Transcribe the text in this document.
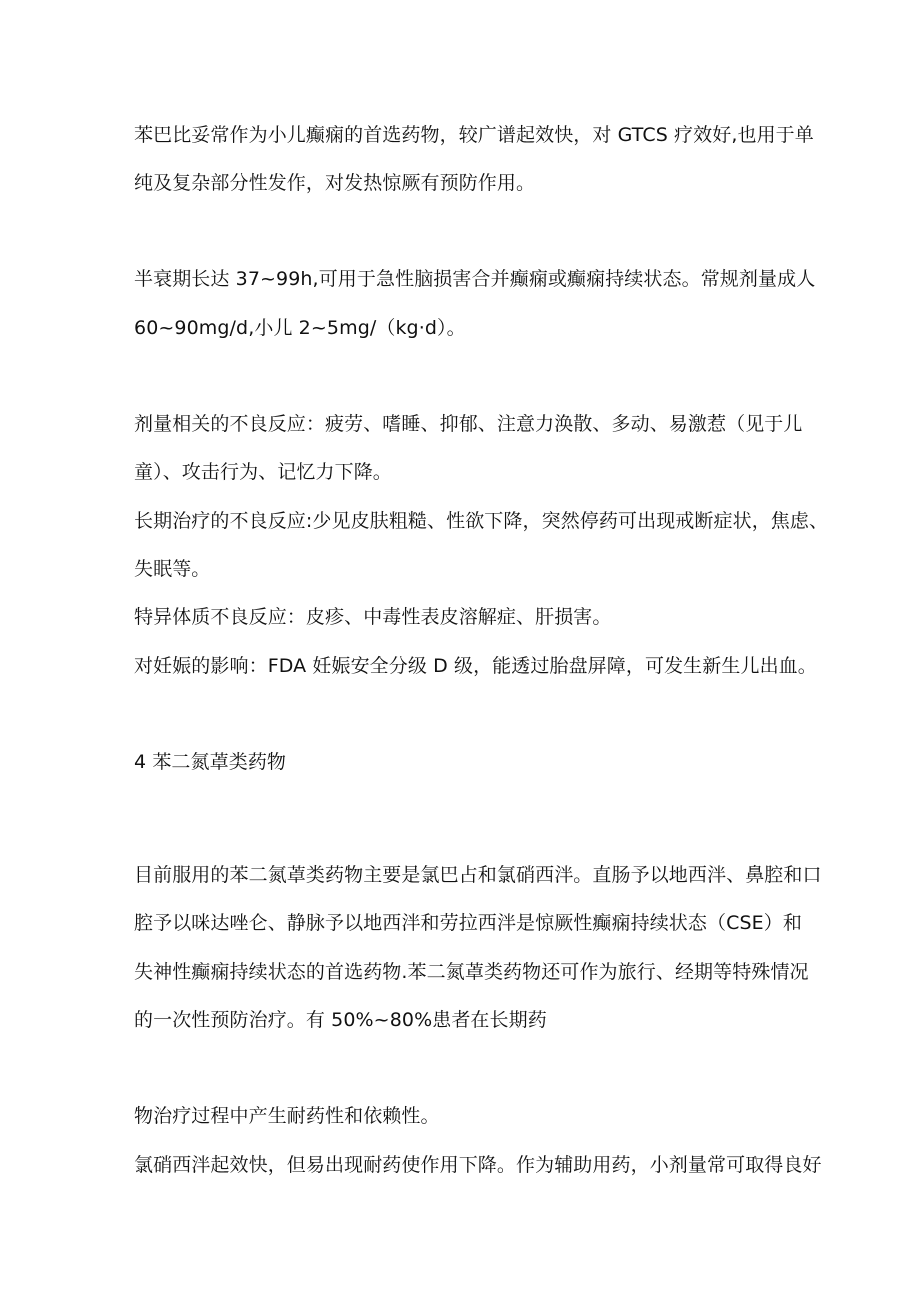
苯巴比妥常作为小儿癫痫的首选药物，较广谱起效快，对 GTCS 疗效好,也用于单
纯及复杂部分性发作，对发热惊厥有预防作用。
半衰期长达 37~99h,可用于急性脑损害合并癫痫或癫痫持续状态。常规剂量成人
60~90mg/d,小儿 2~5mg∕（kg·d）。
剂量相关的不良反应：疲劳、嗜睡、抑郁、注意力涣散、多动、易激惹（见于儿
童）、攻击行为、记忆力下降。
长期治疗的不良反应:少见皮肤粗糙、性欲下降，突然停药可出现戒断症状，焦虑、
失眠等。
特异体质不良反应：皮疹、中毒性表皮溶解症、肝损害。
对妊娠的影响：FDA 妊娠安全分级 D 级，能透过胎盘屏障，可发生新生儿出血。
4 苯二氮䓬类药物
目前服用的苯二氮䓬类药物主要是氯巴占和氯硝西泮。直肠予以地西泮、鼻腔和口
腔予以咪达唑仑、静脉予以地西泮和劳拉西泮是惊厥性癫痫持续状态（CSE）和
失神性癫痫持续状态的首选药物.苯二氮䓬类药物还可作为旅行、经期等特殊情况
的一次性预防治疗。有 50%~80%患者在长期药
物治疗过程中产生耐药性和依赖性。
氯硝西泮起效快，但易出现耐药使作用下降。作为辅助用药，小剂量常可取得良好
